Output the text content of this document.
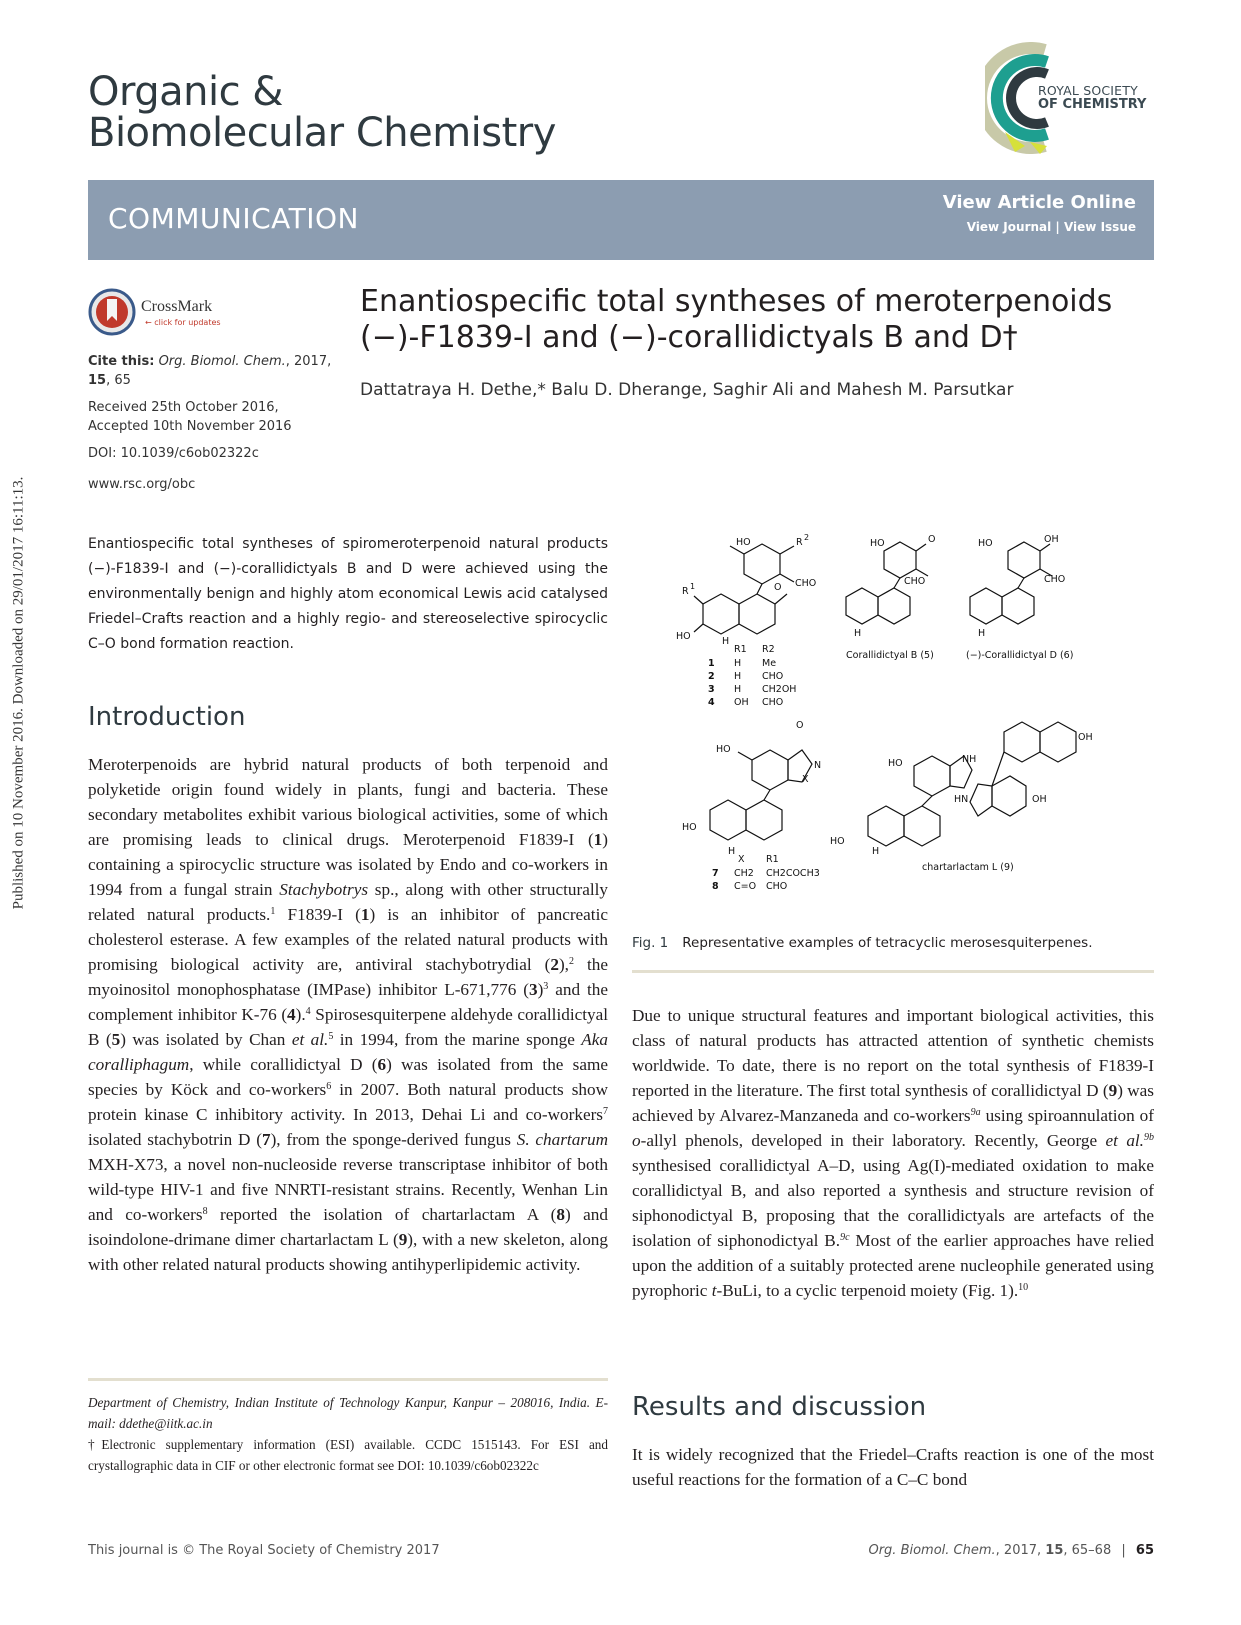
Published on 10 November 2016. Downloaded on 29/01/2017 16:11:13.
Organic &
Biomolecular Chemistry
ROYAL SOCIETY
OF CHEMISTRY
COMMUNICATION	View Article Online
View Journal | View Issue
CrossMark
← click for updates
Cite this: Org. Biomol. Chem., 2017, 15, 65
Received 25th October 2016,
Accepted 10th November 2016
DOI: 10.1039/c6ob02322c
www.rsc.org/obc
Enantiospecific total syntheses of meroterpenoids
(−)-F1839-I and (−)-corallidictyals B and D†
Dattatraya H. Dethe,* Balu D. Dherange, Saghir Ali and Mahesh M. Parsutkar
Enantiospecific total syntheses of spiromeroterpenoid natural products (−)-F1839-I and (−)-corallidictyals B and D were achieved using the environmentally benign and highly atom economical Lewis acid catalysed Friedel–Crafts reaction and a highly regio- and stereoselective spirocyclic C–O bond formation reaction.
Introduction
Meroterpenoids are hybrid natural products of both terpenoid and polyketide origin found widely in plants, fungi and bacteria. These secondary metabolites exhibit various biological activities, some of which are promising leads to clinical drugs. Meroterpenoid F1839-I (1) containing a spirocyclic structure was isolated by Endo and co-workers in 1994 from a fungal strain Stachybotrys sp., along with other structurally related natural products.$^1$ F1839-I (1) is an inhibitor of pancreatic cholesterol esterase. A few examples of the related natural products with promising biological activity are, antiviral stachybotrydial (2),$^2$ the myoinositol monophosphatase (IMPase) inhibitor L-671,776 $(3)^3$ and the complement inhibitor K-76 (4).$^4$ Spirosesquiterpene aldehyde corallidictyal B (5) was isolated by Chan et al.$^5$ in 1994, from the marine sponge Aka coralliphagum, while corallidictyal D (6) was isolated from the same species by Köck and co-workers$^6$ in 2007. Both natural products show protein kinase C inhibitory activity. In 2013, Dehai Li and co-workers$^7$ isolated stachybotrin D (7), from the sponge-derived fungus S. chartarum MXH-X73, a novel non-nucleoside reverse transcriptase inhibitor of both wild-type HIV-1 and five NNRTI-resistant strains. Recently, Wenhan Lin and co-workers$^8$ reported the isolation of chartarlactam A (8) and isoindolone-drimane dimer chartarlactam L (9), with a new skeleton, along with other related natural products showing antihyperlipidemic activity.
Department of Chemistry, Indian Institute of Technology Kanpur, Kanpur – 208016, India. E-mail: ddethe@iitk.ac.in
†Electronic supplementary information (ESI) available. CCDC 1515143. For ESI and crystallographic data in CIF or other electronic format see DOI: 10.1039/c6ob02322c
HO	R 2
CHO
O
R 1
HO	H
HO	O
CHO
H
HO	OH
CHO
H
HO
O
N
X
HO
H
HO	NH
HN	OH
OH
HO
H
R1 R2
1 H Me
2 H CHO
3 H CH2OH
4 OH CHO
Corallidictyal B (5)	(−)-Corallidictyal D (6)
X R1
7 CH2 CH2COCH3
8 C=O CHO
chartarlactam L (9)
Fig. 1 Representative examples of tetracyclic merosesquiterpenes.
Due to unique structural features and important biological activities, this class of natural products has attracted attention of synthetic chemists worldwide. To date, there is no report on the total synthesis of F1839-I reported in the literature. The first total synthesis of corallidictyal D (9) was achieved by Alvarez-Manzaneda and co-workers$^{9a}$ using spiroannulation of o-allyl phenols, developed in their laboratory. Recently, George et al.$^{9b}$ synthesised corallidictyal A–D, using Ag(I)-mediated oxidation to make corallidictyal B, and also reported a synthesis and structure revision of siphonodictyal B, proposing that the corallidictyals are artefacts of the isolation of siphonodictyal B.$^{9c}$ Most of the earlier approaches have relied upon the addition of a suitably protected arene nucleophile generated using pyrophoric t-BuLi, to a cyclic terpenoid moiety (Fig. 1).$^{10}$
Results and discussion
It is widely recognized that the Friedel–Crafts reaction is one of the most useful reactions for the formation of a C–C bond
This journal is © The Royal Society of Chemistry 2017	Org. Biomol. Chem., 2017, 15, 65–68 | 65
